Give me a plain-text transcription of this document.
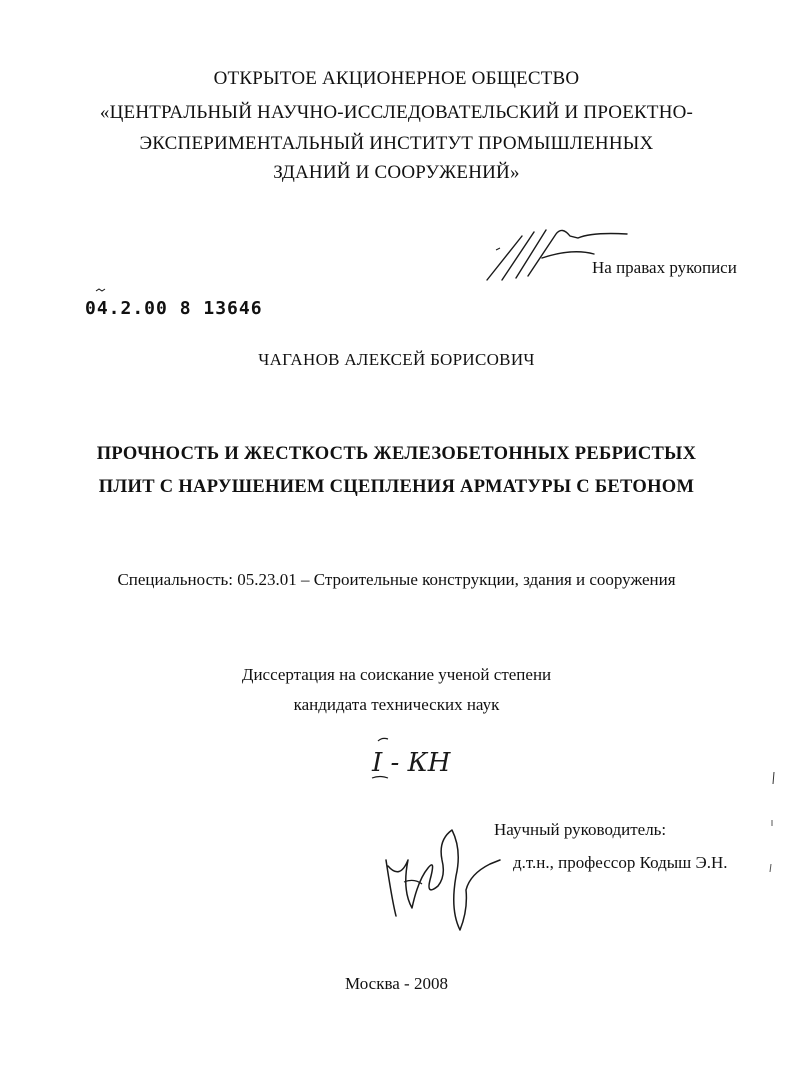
ОТКРЫТОЕ АКЦИОНЕРНОЕ ОБЩЕСТВО
«ЦЕНТРАЛЬНЫЙ НАУЧНО-ИССЛЕДОВАТЕЛЬСКИЙ И ПРОЕКТНО-
ЭКСПЕРИМЕНТАЛЬНЫЙ ИНСТИТУТ ПРОМЫШЛЕННЫХ
ЗДАНИЙ И СООРУЖЕНИЙ»
На правах рукописи
04.2.00 8 13646
ЧАГАНОВ АЛЕКСЕЙ БОРИСОВИЧ
ПРОЧНОСТЬ И ЖЕСТКОСТЬ ЖЕЛЕЗОБЕТОННЫХ РЕБРИСТЫХ
ПЛИТ С НАРУШЕНИЕМ СЦЕПЛЕНИЯ АРМАТУРЫ С БЕТОНОМ
Специальность: 05.23.01 – Строительные конструкции, здания и сооружения
Диссертация на соискание ученой степени
кандидата технических наук
I - КН
Научный руководитель:
д.т.н., профессор Кодыш Э.Н.
Москва - 2008
